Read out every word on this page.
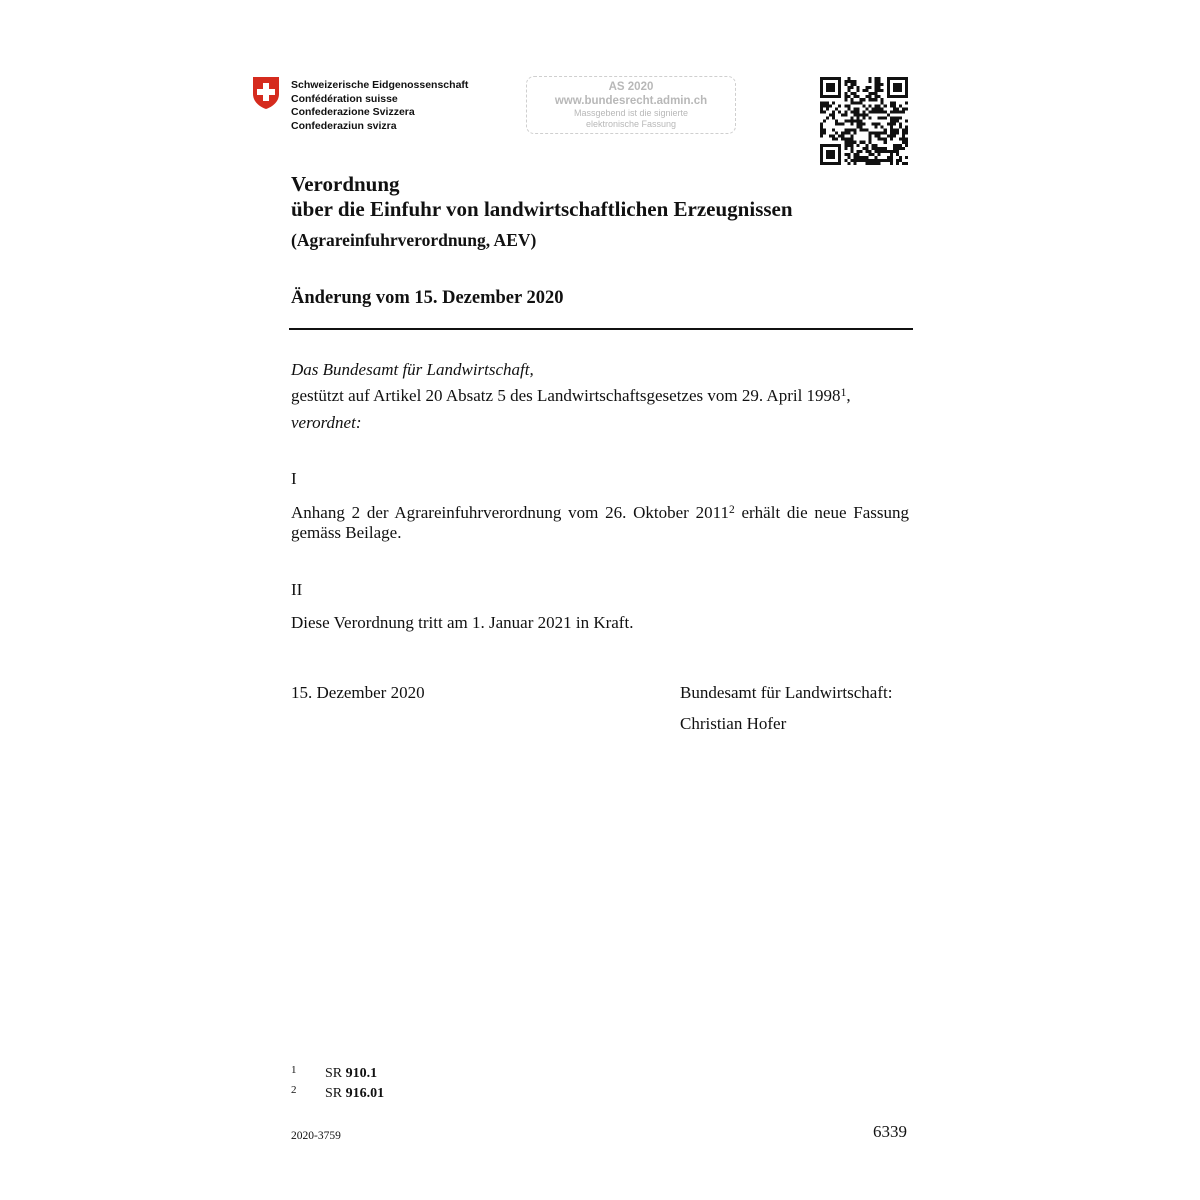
Schweizerische Eidgenossenschaft
Confédération suisse
Confederazione Svizzera
Confederaziun svizra
AS 2020
www.bundesrecht.admin.ch
Massgebend ist die signierte
elektronische Fassung
Verordnung
über die Einfuhr von landwirtschaftlichen Erzeugnissen
(Agrareinfuhrverordnung, AEV)
Änderung vom 15. Dezember 2020
Das Bundesamt für Landwirtschaft,
gestützt auf Artikel 20 Absatz 5 des Landwirtschaftsgesetzes vom 29. April 1998$^1$,
verordnet:
I
Anhang 2 der Agrareinfuhrverordnung vom 26. Oktober 2011$^2$ erhält die neue Fassung gemäss Beilage.
II
Diese Verordnung tritt am 1. Januar 2021 in Kraft.
15. Dezember 2020	Bundesamt für Landwirtschaft:
Christian Hofer
1 SR 910.1
2 SR 916.01
2020-3759	6339
